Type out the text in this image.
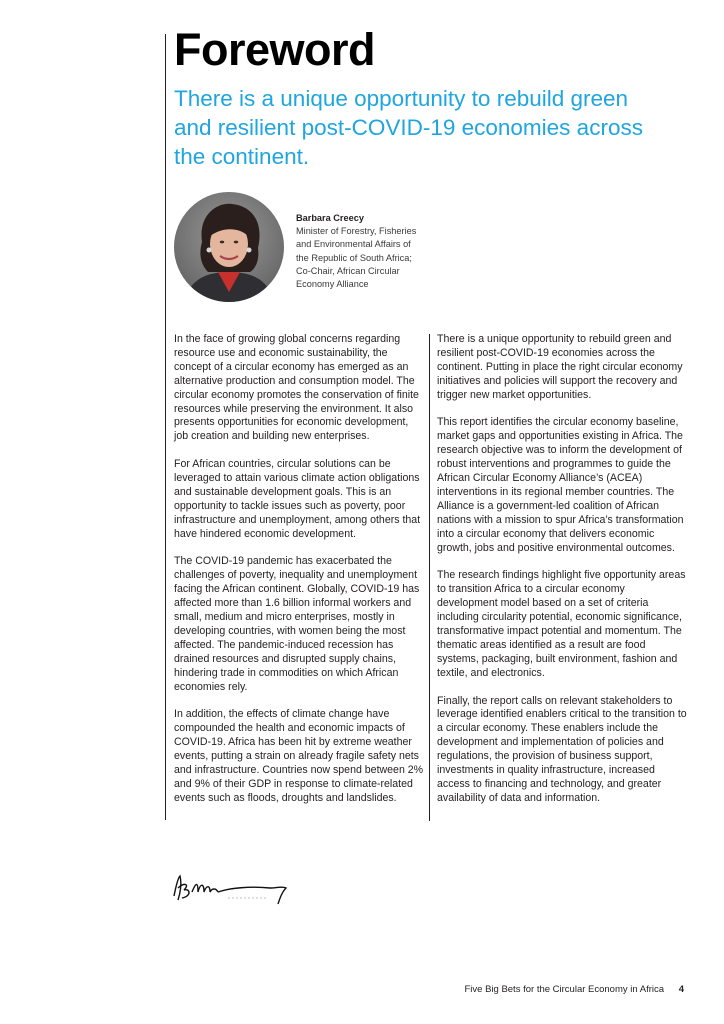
Foreword
There is a unique opportunity to rebuild green and resilient post-COVID-19 economies across the continent.
Barbara Creecy
Minister of Forestry, Fisheries
and Environmental Affairs of
the Republic of South Africa;
Co-Chair, African Circular
Economy Alliance

In the face of growing global concerns regarding resource use and economic sustainability, the concept of a circular economy has emerged as an alternative production and consumption model. The circular economy promotes the conservation of finite resources while preserving the environment. It also presents opportunities for economic development, job creation and building new enterprises.

For African countries, circular solutions can be leveraged to attain various climate action obligations and sustainable development goals. This is an opportunity to tackle issues such as poverty, poor infrastructure and unemployment, among others that have hindered economic development.

The COVID-19 pandemic has exacerbated the challenges of poverty, inequality and unemployment facing the African continent. Globally, COVID-19 has affected more than 1.6 billion informal workers and small, medium and micro enterprises, mostly in developing countries, with women being the most affected. The pandemic-induced recession has drained resources and disrupted supply chains, hindering trade in commodities on which African economies rely.

In addition, the effects of climate change have compounded the health and economic impacts of COVID-19. Africa has been hit by extreme weather events, putting a strain on already fragile safety nets and infrastructure. Countries now spend between 2% and 9% of their GDP in response to climate-related events such as floods, droughts and landslides.

There is a unique opportunity to rebuild green and resilient post-COVID-19 economies across the continent. Putting in place the right circular economy initiatives and policies will support the recovery and trigger new market opportunities.

This report identifies the circular economy baseline, market gaps and opportunities existing in Africa. The research objective was to inform the development of robust interventions and programmes to guide the African Circular Economy Alliance’s (ACEA) interventions in its regional member countries. The Alliance is a government-led coalition of African nations with a mission to spur Africa’s transformation into a circular economy that delivers economic growth, jobs and positive environmental outcomes.

The research findings highlight five opportunity areas to transition Africa to a circular economy development model based on a set of criteria including circularity potential, economic significance, transformative impact potential and momentum. The thematic areas identified as a result are food systems, packaging, built environment, fashion and textile, and electronics.

Finally, the report calls on relevant stakeholders to leverage identified enablers critical to the transition to a circular economy. These enablers include the development and implementation of policies and regulations, the provision of business support, investments in quality infrastructure, increased access to financing and technology, and greater availability of data and information.

Five Big Bets for the Circular Economy in Africa 4
